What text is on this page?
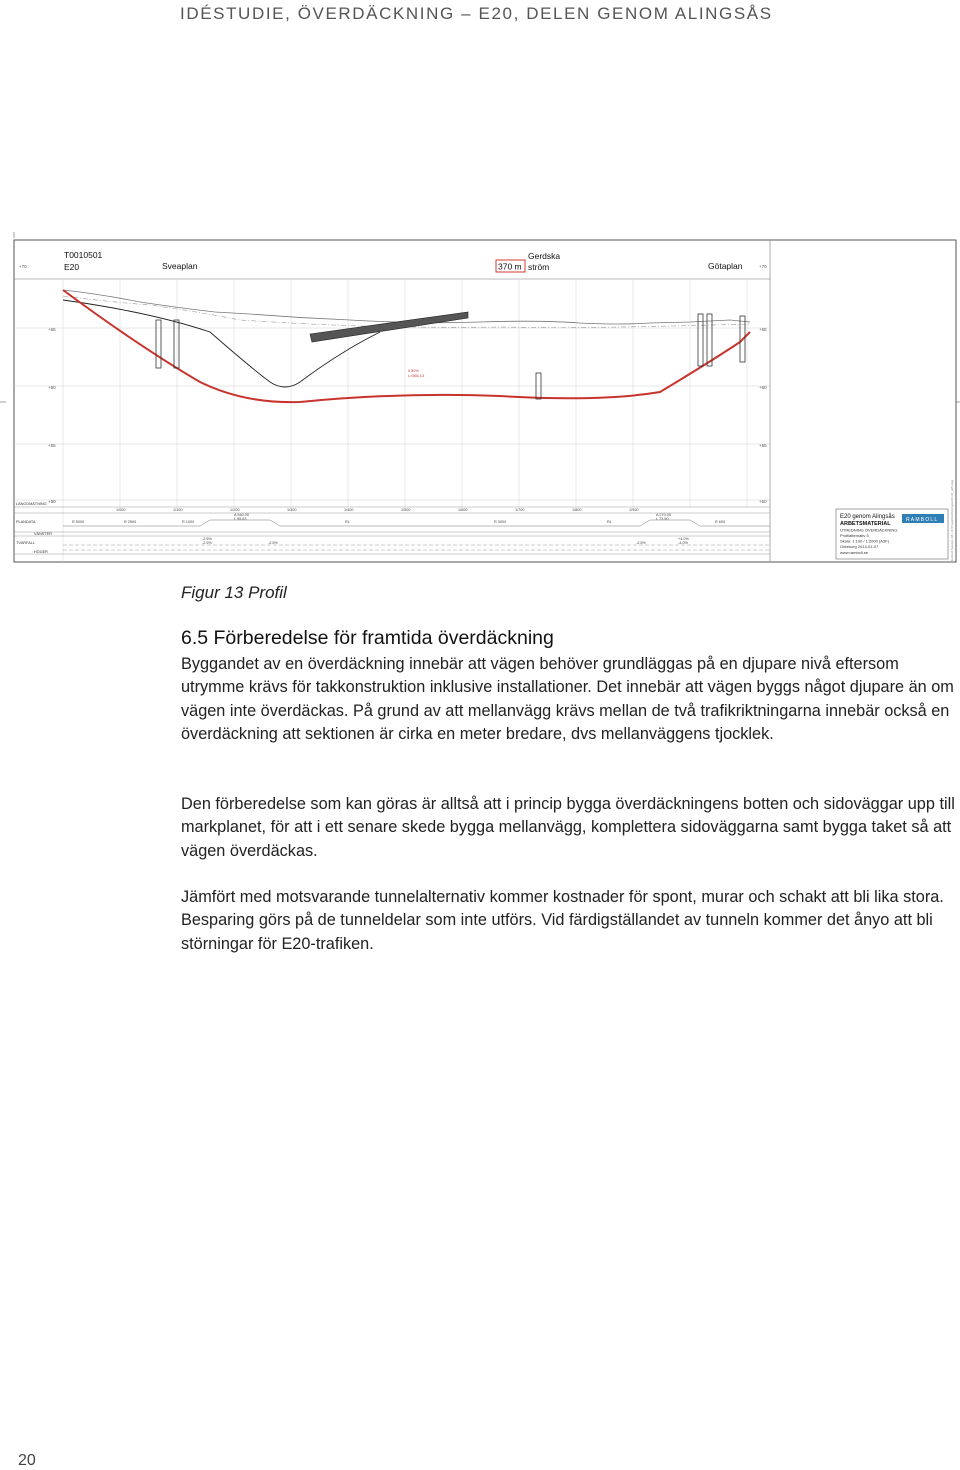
IDÉSTUDIE, ÖVERDÄCKNING – E20, DELEN GENOM ALINGSÅS
+70
+65
+60
+55
+50
+70
+65
+60
+55
+50
T0010501
E20	Sveaplan	370 m
Gerdska
ström	Götaplan
0.50%
L=565.13
LÄNGDMÄTNING
PLANDATA
VÄNSTER
TVÄRFALL
HÖGER
1/000	1/100	1/200	1/300	1/400	1/500	1/600	1/700	1/800	1/900
R 5000	R 2500	R 1000	RL	R 3000	RL	R 600
A 540.00
L 95.63
A 270.00
L 73.50
-2.5%
-2.5%	-2.5%	-2.5%
+4.0%
-4.0%
E20 genom Alingsås
ARBETSMATERIAL
UTREDNING ÖVERDÄCKNING
Profilalternativ 5
Skala: 1:100 / 1:2000 (A3F)
Göteborg 2014-01-07
www.ramboll.se
RAMBOLL	Ramboll Sweden AB • R:\Projekt\E20\Alingsås\Profil_alt5.dwg
Figur 13 Profil
6.5 Förberedelse för framtida överdäckning
Byggandet av en överdäckning innebär att vägen behöver grundläggas på en djupare nivå eftersom utrymme krävs för takkonstruktion inklusive installationer. Det innebär att vägen byggs något djupare än om vägen inte överdäckas. På grund av att mellanvägg krävs mellan de två trafikriktningarna innebär också en överdäckning att sektionen är cirka en meter bredare, dvs mellanväggens tjocklek.
Den förberedelse som kan göras är alltså att i princip bygga överdäckningens botten och sidoväggar upp till markplanet, för att i ett senare skede bygga mellanvägg, komplettera sidoväggarna samt bygga taket så att vägen överdäckas.
Jämfört med motsvarande tunnelalternativ kommer kostnader för spont, murar och schakt att bli lika stora. Besparing görs på de tunneldelar som inte utförs. Vid färdigställandet av tunneln kommer det ånyo att bli störningar för E20-trafiken.
20
